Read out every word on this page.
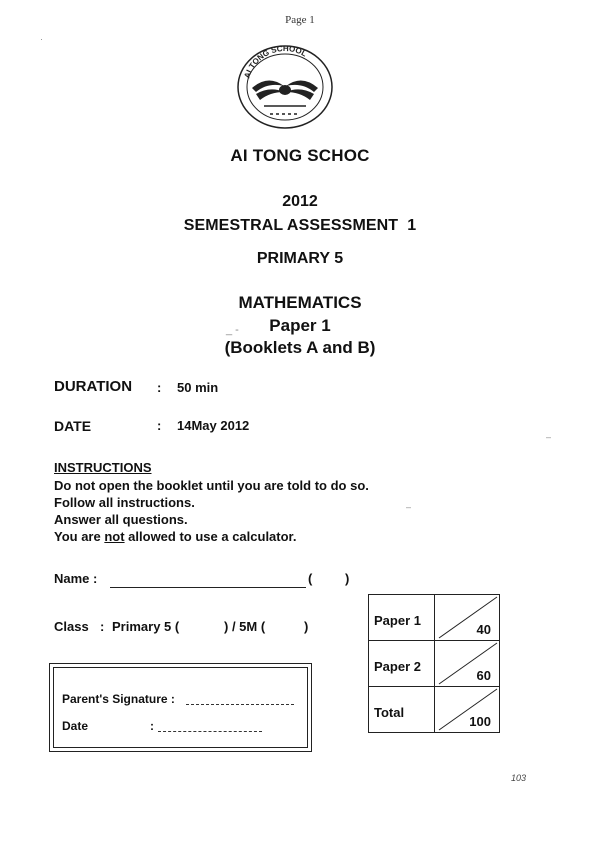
Page 1
·
AI TONG SCHOOL
AI TONG SCHOC
2012
SEMESTRAL ASSESSMENT  1
PRIMARY 5
MATHEMATICS
Paper 1
_ -
(Booklets A and B)
DURATION : 50 min
DATE	: 14May 2012
–
INSTRUCTIONS
Do not open the booklet until you are told to do so.
Follow all instructions.
Answer all questions.
You are not allowed to use a calculator.
–
Name :	(	)
Class : Primary 5 (	) / 5M (	)
Parent's Signature :
Date	:
Paper 1	40

Paper 2	60

Total	100
103
